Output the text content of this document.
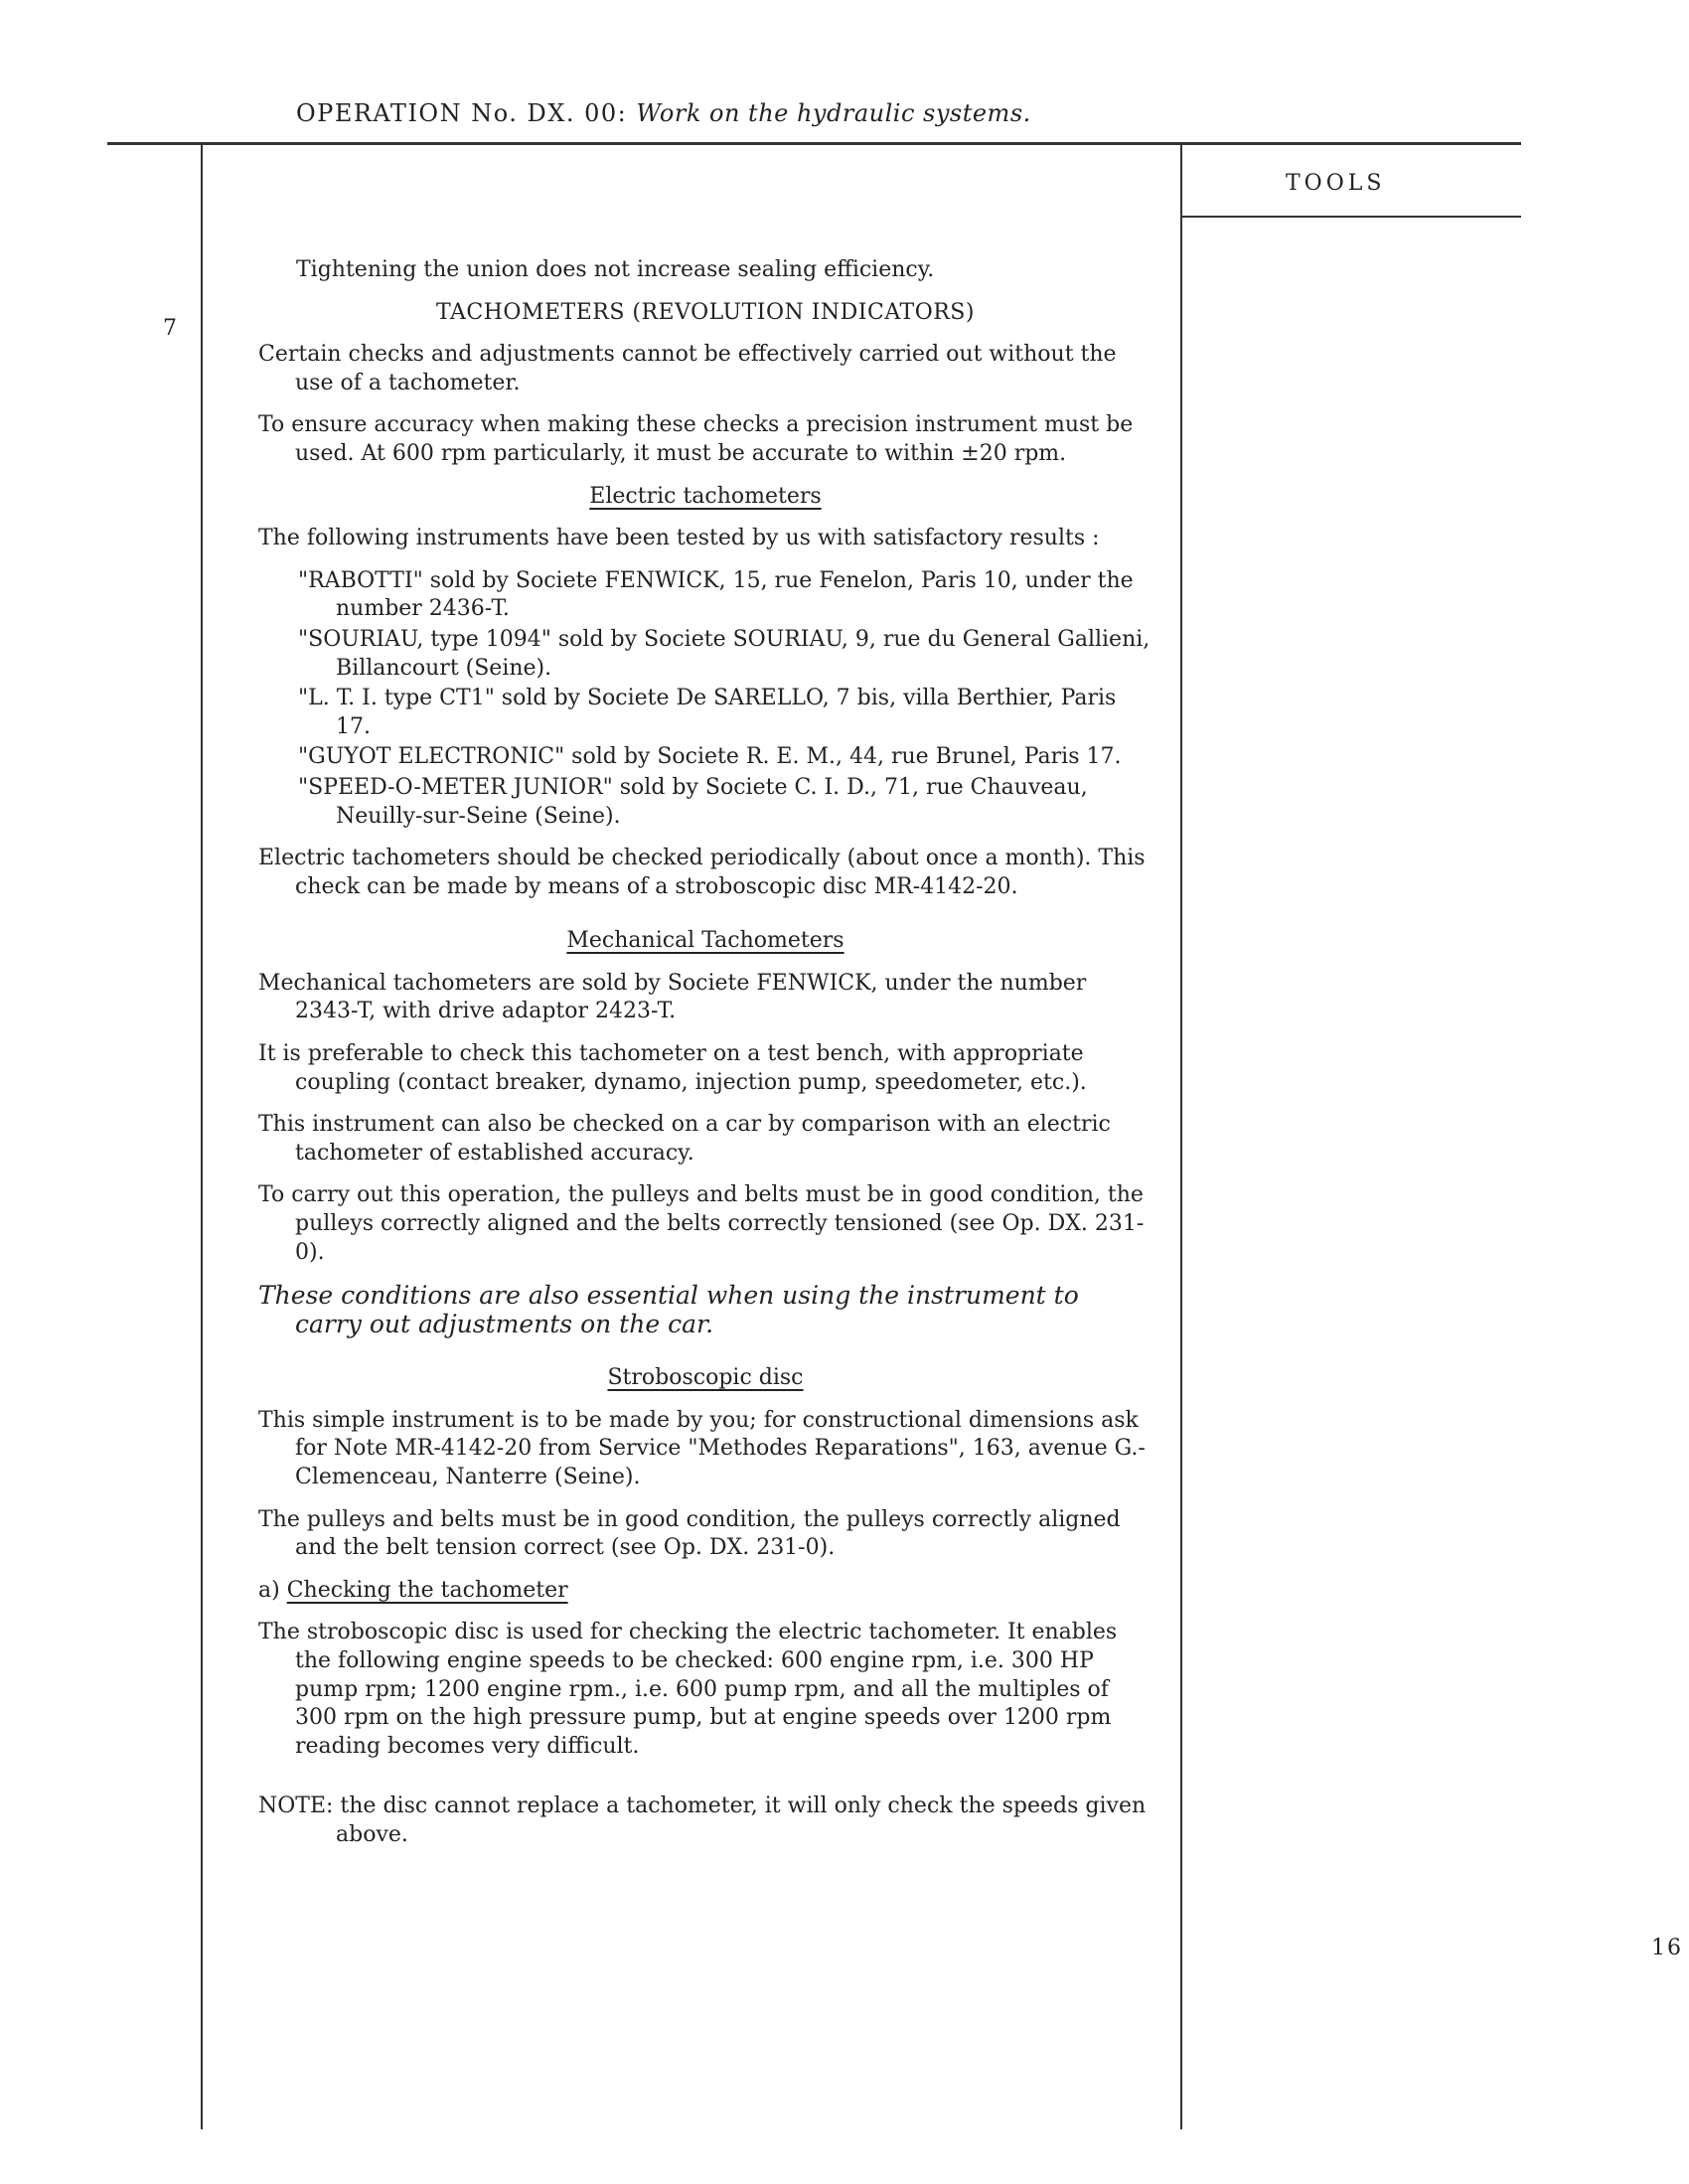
OPERATION No. DX. 00: Work on the hydraulic systems.
TOOLS
7
16

Tightening the union does not increase sealing efficiency.

TACHOMETERS (REVOLUTION INDICATORS)

Certain checks and adjustments cannot be effectively carried out without the use of a tachometer.

To ensure accuracy when making these checks a precision instrument must be used. At 600 rpm particularly, it must be accurate to within ±20 rpm.

Electric tachometers

The following instruments have been tested by us with satisfactory results :

"RABOTTI" sold by Societe FENWICK, 15, rue Fenelon, Paris 10, under the number 2436-T.

"SOURIAU, type 1094" sold by Societe SOURIAU, 9, rue du General Gallieni, Billancourt (Seine).

"L. T. I. type CT1" sold by Societe De SARELLO, 7 bis, villa Berthier, Paris 17.

"GUYOT ELECTRONIC" sold by Societe R. E. M., 44, rue Brunel, Paris 17.

"SPEED-O-METER JUNIOR" sold by Societe C. I. D., 71, rue Chauveau, Neuilly-sur-Seine (Seine).

Electric tachometers should be checked periodically (about once a month). This check can be made by means of a stroboscopic disc MR-4142-20.

Mechanical Tachometers

Mechanical tachometers are sold by Societe FENWICK, under the number 2343-T, with drive adaptor 2423-T.

It is preferable to check this tachometer on a test bench, with appropriate coupling (contact breaker, dynamo, injection pump, speedometer, etc.).

This instrument can also be checked on a car by comparison with an electric tachometer of established accuracy.

To carry out this operation, the pulleys and belts must be in good condition, the pulleys correctly aligned and the belts correctly tensioned (see Op. DX. 231-0).

These conditions are also essential when using the instrument to carry out adjustments on the car.

Stroboscopic disc

This simple instrument is to be made by you; for constructional dimensions ask for Note MR-4142-20 from Service "Methodes Reparations", 163, avenue G.- Clemenceau, Nanterre (Seine).

The pulleys and belts must be in good condition, the pulleys correctly aligned and the belt tension correct (see Op. DX. 231-0).

a) Checking the tachometer

The stroboscopic disc is used for checking the electric tachometer. It enables the following engine speeds to be checked: 600 engine rpm, i.e. 300 HP pump rpm; 1200 engine rpm., i.e. 600 pump rpm, and all the multiples of 300 rpm on the high pressure pump, but at engine speeds over 1200 rpm reading becomes very difficult.

NOTE: the disc cannot replace a tachometer, it will only check the speeds given above.
